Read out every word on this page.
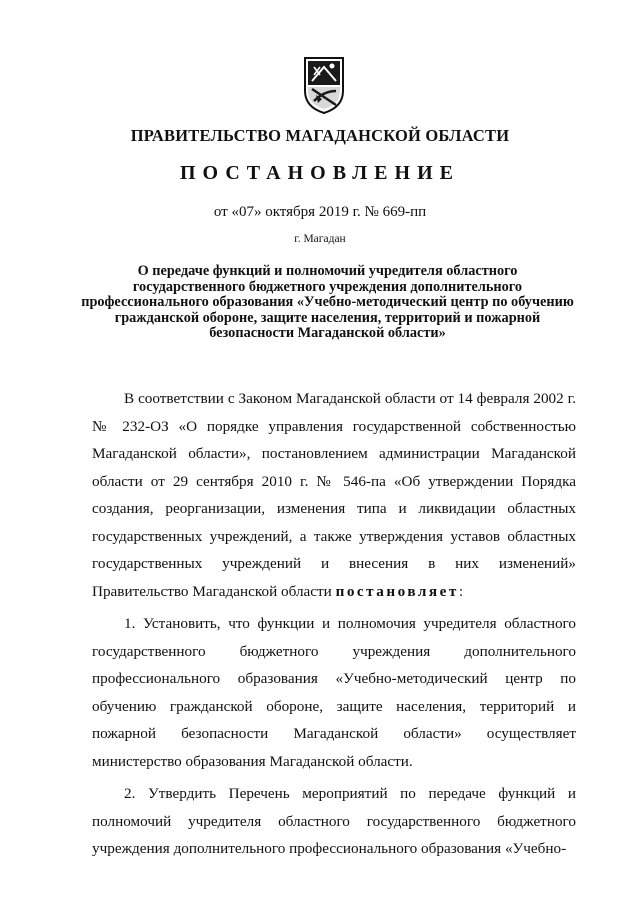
ПРАВИТЕЛЬСТВО МАГАДАНСКОЙ ОБЛАСТИ
ПОСТАНОВЛЕНИЕ
от «07» октября 2019 г. № 669-пп
г. Магадан
О передаче функций и полномочий учредителя областного государственного бюджетного учреждения дополнительного профессионального образования «Учебно-методический центр по обучению гражданской обороне, защите населения, территорий и пожарной безопасности Магаданской области»

В соответствии с Законом Магаданской области от 14 февраля 2002 г. № 232-ОЗ «О порядке управления государственной собственностью Магаданской области», постановлением администрации Магаданской области от 29 сентября 2010 г. № 546-па «Об утверждении Порядка создания, реорганизации, изменения типа и ликвидации областных государственных учреждений, а также утверждения уставов областных государственных учреждений и внесения в них изменений» Правительство Магаданской области постановляет:

1. Установить, что функции и полномочия учредителя областного государственного бюджетного учреждения дополнительного профессионального образования «Учебно-методический центр по обучению гражданской обороне, защите населения, территорий и пожарной безопасности Магаданской области» осуществляет министерство образования Магаданской области.

2. Утвердить Перечень мероприятий по передаче функций и полномочий учредителя областного государственного бюджетного учреждения дополнительного профессионального образования «Учебно-
